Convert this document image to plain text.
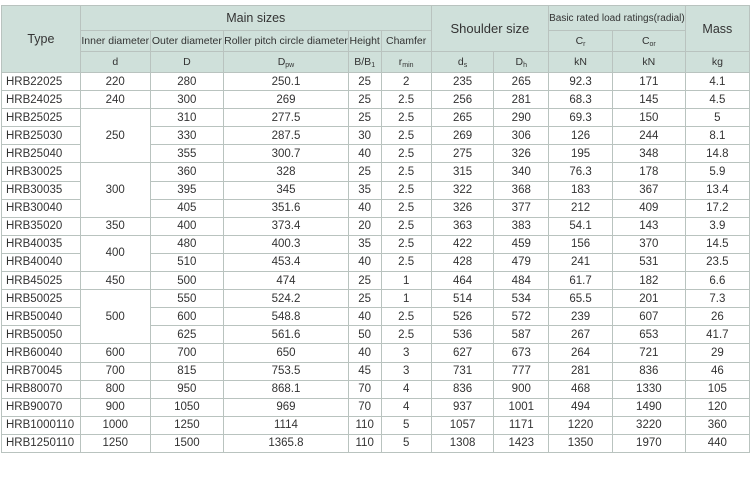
Type	Main sizes					Shoulder size		Basic rated load ratings(radial)		Mass
	Inner diameter	Outer diameter	Roller pitch circle diameter	Height	Chamfer			$C_r$	$C_{or}$
	d	D	$D_{pw}$	$B/B_1$	$r_{min}$	$d_s$	$D_h$	kN	kN	kg
HRB22025	220	280	250.1	25	2	235	265	92.3	171	4.1
HRB24025	240	300	269	25	2.5	256	281	68.3	145	4.5
HRB25025	250	310	277.5	25	2.5	265	290	69.3	150	5
HRB25030		330	287.5	30	2.5	269	306	126	244	8.1
HRB25040		355	300.7	40	2.5	275	326	195	348	14.8
HRB30025	300	360	328	25	2.5	315	340	76.3	178	5.9
HRB30035		395	345	35	2.5	322	368	183	367	13.4
HRB30040		405	351.6	40	2.5	326	377	212	409	17.2
HRB35020	350	400	373.4	20	2.5	363	383	54.1	143	3.9
HRB40035	400	480	400.3	35	2.5	422	459	156	370	14.5
HRB40040		510	453.4	40	2.5	428	479	241	531	23.5
HRB45025	450	500	474	25	1	464	484	61.7	182	6.6
HRB50025	500	550	524.2	25	1	514	534	65.5	201	7.3
HRB50040		600	548.8	40	2.5	526	572	239	607	26
HRB50050		625	561.6	50	2.5	536	587	267	653	41.7
HRB60040	600	700	650	40	3	627	673	264	721	29
HRB70045	700	815	753.5	45	3	731	777	281	836	46
HRB80070	800	950	868.1	70	4	836	900	468	1330	105
HRB90070	900	1050	969	70	4	937	1001	494	1490	120
HRB1000110	1000	1250	1114	110	5	1057	1171	1220	3220	360
HRB1250110	1250	1500	1365.8	110	5	1308	1423	1350	1970	440
